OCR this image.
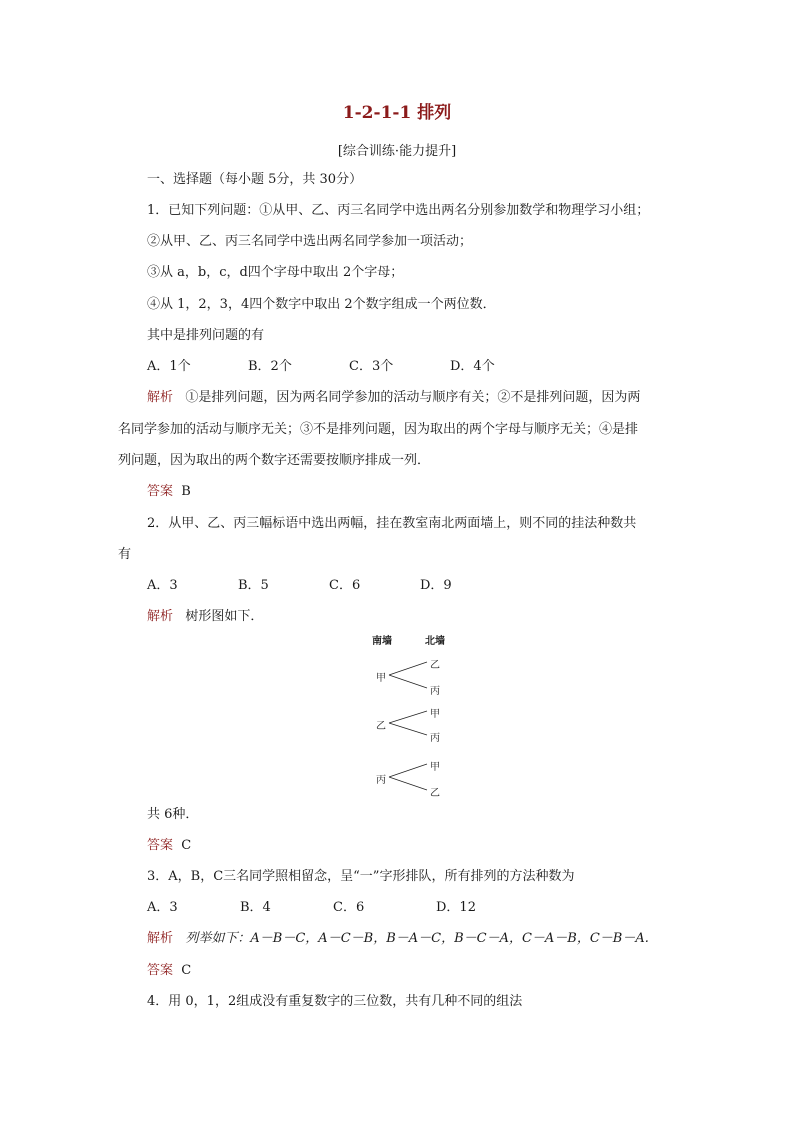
1-2-1-1 排列
[综合训练·能力提升]
一、选择题（每小题 5分，共 30分）
1．已知下列问题：①从甲、乙、丙三名同学中选出两名分别参加数学和物理学习小组；
②从甲、乙、丙三名同学中选出两名同学参加一项活动；
③从 a，b，c，d四个字母中取出 2个字母；
④从 1，2，3，4四个数字中取出 2个数字组成一个两位数．
其中是排列问题的有
A．1个	B．2个	C．3个	D．4个
解析 ①是排列问题，因为两名同学参加的活动与顺序有关；②不是排列问题，因为两
名同学参加的活动与顺序无关；③不是排列问题，因为取出的两个字母与顺序无关；④是排
列问题，因为取出的两个数字还需要按顺序排成一列．
答案 B
2．从甲、乙、丙三幅标语中选出两幅，挂在教室南北两面墙上，则不同的挂法种数共
有
A．3	B．5	C．6	D．9
解析 树形图如下．
南墙	北墙
甲
乙
丙
乙
甲
丙
丙
甲
乙
共 6种．
答案 C
3．A，B，C三名同学照相留念，呈“一”字形排队，所有排列的方法种数为
A．3	B．4	C．6	D．12
解析 列举如下：A－B－C，A－C－B，B－A－C，B－C－A，C－A－B，C－B－A.
答案 C
4．用 0，1，2组成没有重复数字的三位数，共有几种不同的组法
